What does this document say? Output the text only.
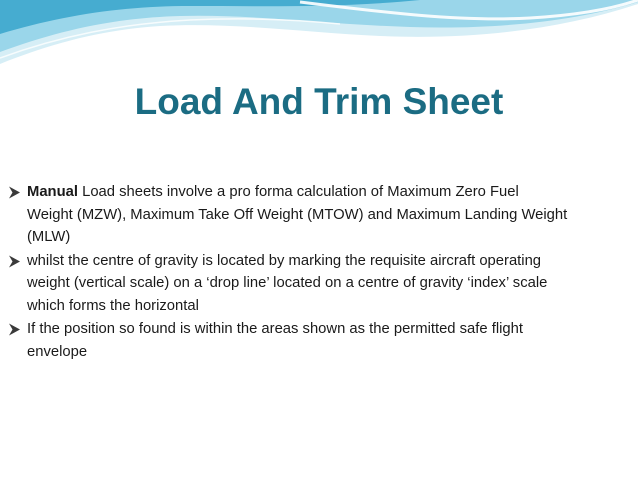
Load And Trim Sheet
Manual Load sheets involve a pro forma calculation of Maximum Zero Fuel Weight (MZW), Maximum Take Off Weight (MTOW) and Maximum Landing Weight (MLW)
whilst the centre of gravity is located by marking the requisite aircraft operating weight (vertical scale) on a ‘drop line’ located on a centre of gravity ‘index’ scale which forms the horizontal
If the position so found is within the areas shown as the permitted safe flight envelope
